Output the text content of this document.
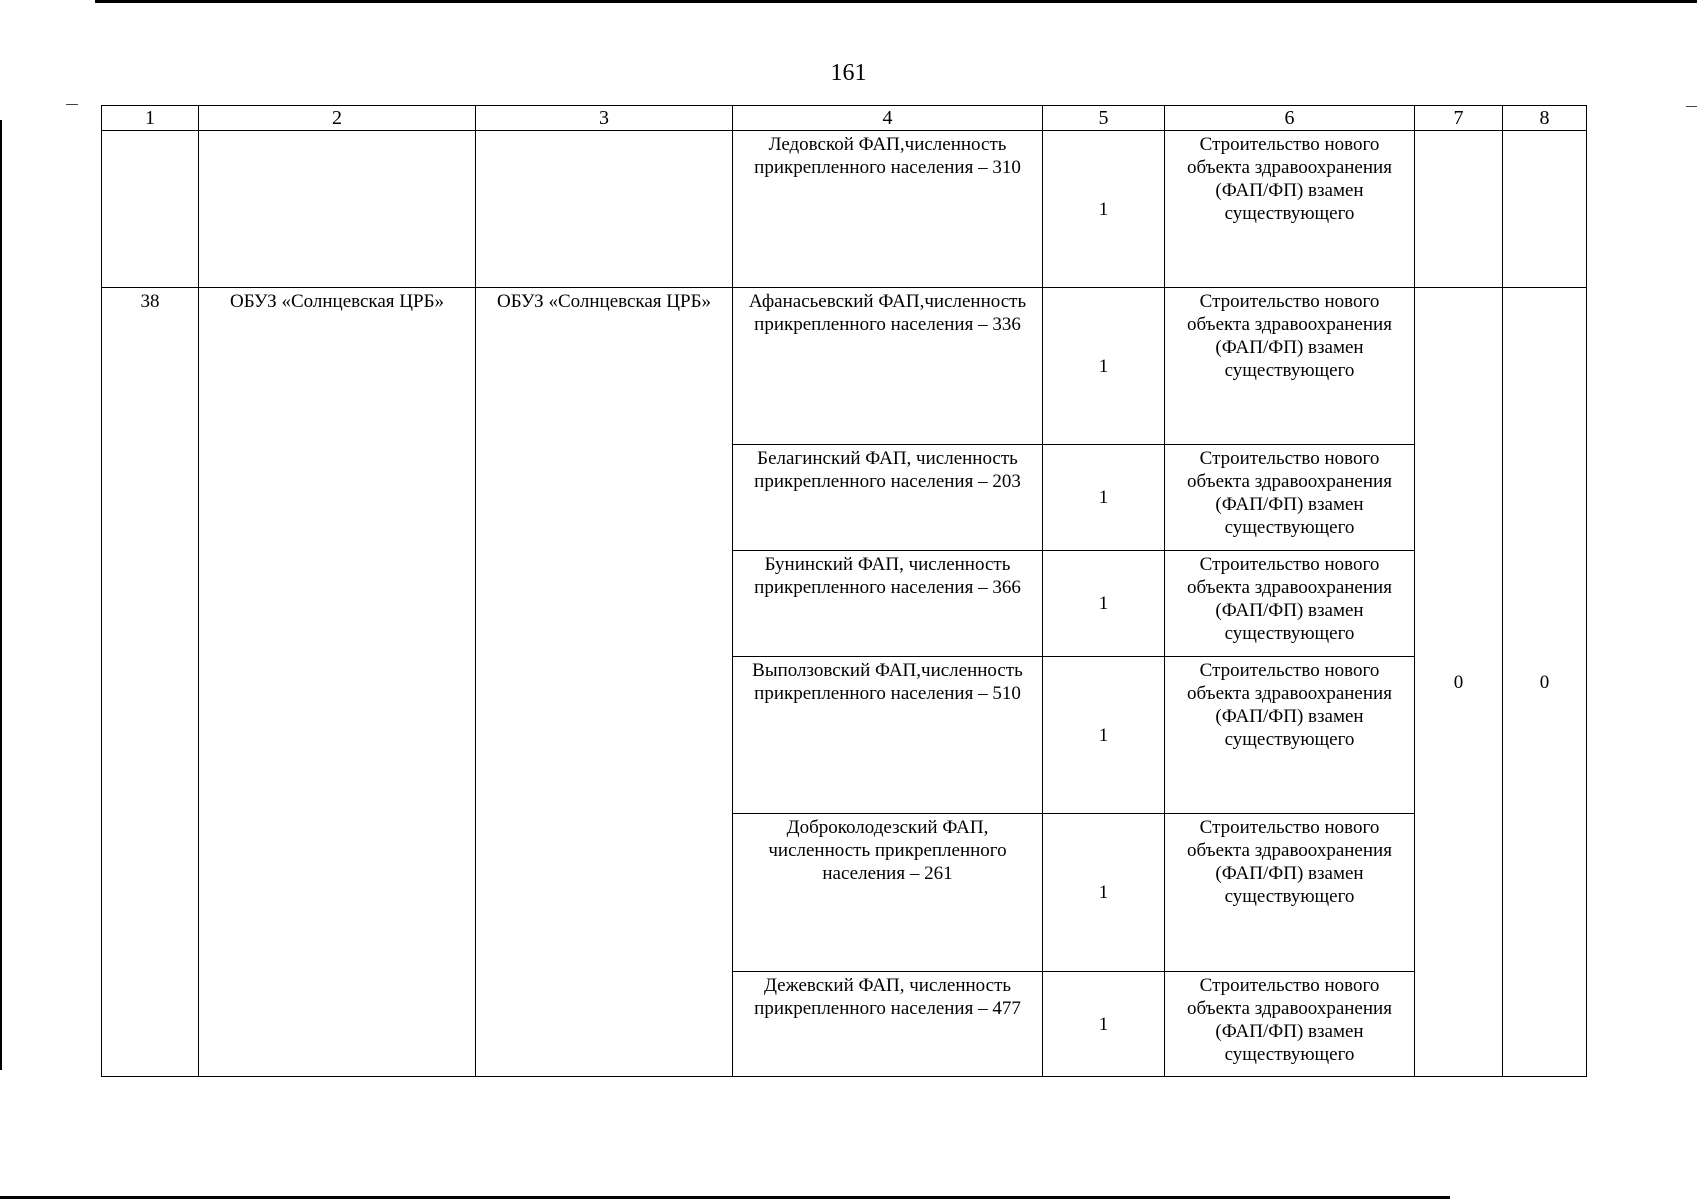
161
1	2	3	4	5	6	7	8
			Ледовской ФАП,численность прикрепленного населения – 310	1	Строительство нового объекта здравоохранения (ФАП/ФП) взамен существующего		
38	ОБУЗ «Солнцевская ЦРБ»	ОБУЗ «Солнцевская ЦРБ»	Афанасьевский ФАП,численность прикрепленного населения – 336	1	Строительство нового объекта здравоохранения (ФАП/ФП) взамен существующего	0	0
			Белагинский ФАП, численность прикрепленного населения – 203	1	Строительство нового объекта здравоохранения (ФАП/ФП) взамен существующего		
			Бунинский ФАП, численность прикрепленного населения – 366	1	Строительство нового объекта здравоохранения (ФАП/ФП) взамен существующего		
			Выползовский ФАП,численность прикрепленного населения – 510	1	Строительство нового объекта здравоохранения (ФАП/ФП) взамен существующего		
			Доброколодезский ФАП, численность прикрепленного населения – 261	1	Строительство нового объекта здравоохранения (ФАП/ФП) взамен существующего		
			Дежевский ФАП, численность прикрепленного населения – 477	1	Строительство нового объекта здравоохранения (ФАП/ФП) взамен существующего		
